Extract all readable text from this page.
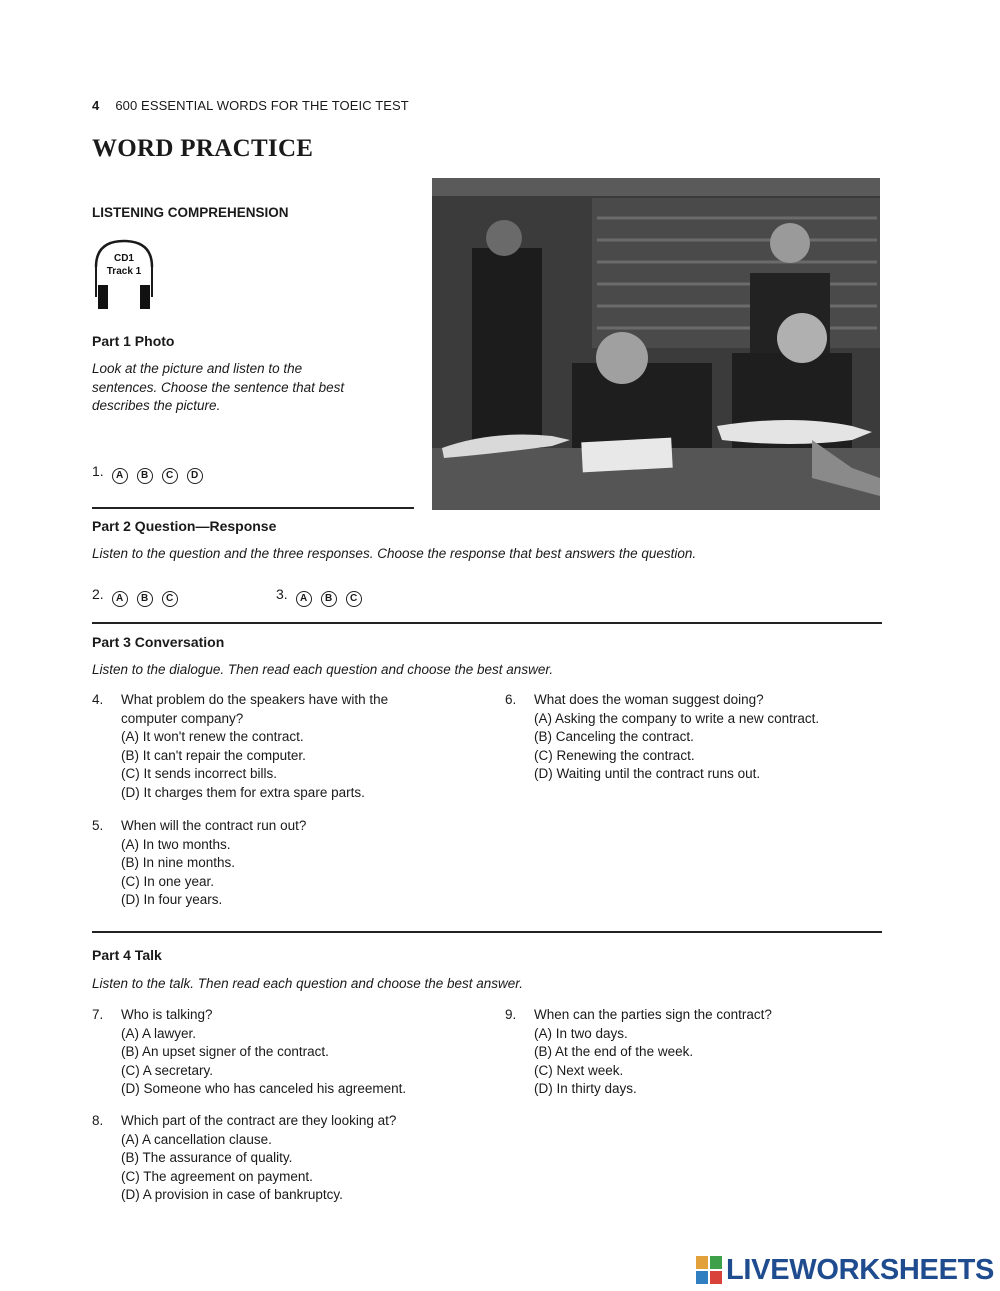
4 600 ESSENTIAL WORDS FOR THE TOEIC TEST
WORD PRACTICE
LISTENING COMPREHENSION
CD1
Track 1
Part 1 Photo
Look at the picture and listen to the sentences. Choose the sentence that best describes the picture.
1. A B C D
Part 2 Question—Response
Listen to the question and the three responses. Choose the response that best answers the question.
2. A B C	3. A B C
Part 3 Conversation
Listen to the dialogue. Then read each question and choose the best answer.
4.	What problem do the speakers have with the
computer company?
(A) It won't renew the contract.
(B) It can't repair the computer.
(C) It sends incorrect bills.
(D) It charges them for extra spare parts.
5.	When will the contract run out?
(A) In two months.
(B) In nine months.
(C) In one year.
(D) In four years.
6.	What does the woman suggest doing?
(A) Asking the company to write a new contract.
(B) Canceling the contract.
(C) Renewing the contract.
(D) Waiting until the contract runs out.
Part 4 Talk
Listen to the talk. Then read each question and choose the best answer.
7.	Who is talking?
(A) A lawyer.
(B) An upset signer of the contract.
(C) A secretary.
(D) Someone who has canceled his agreement.
8.	Which part of the contract are they looking at?
(A) A cancellation clause.
(B) The assurance of quality.
(C) The agreement on payment.
(D) A provision in case of bankruptcy.
9.	When can the parties sign the contract?
(A) In two days.
(B) At the end of the week.
(C) Next week.
(D) In thirty days.
LIVEWORKSHEETS
